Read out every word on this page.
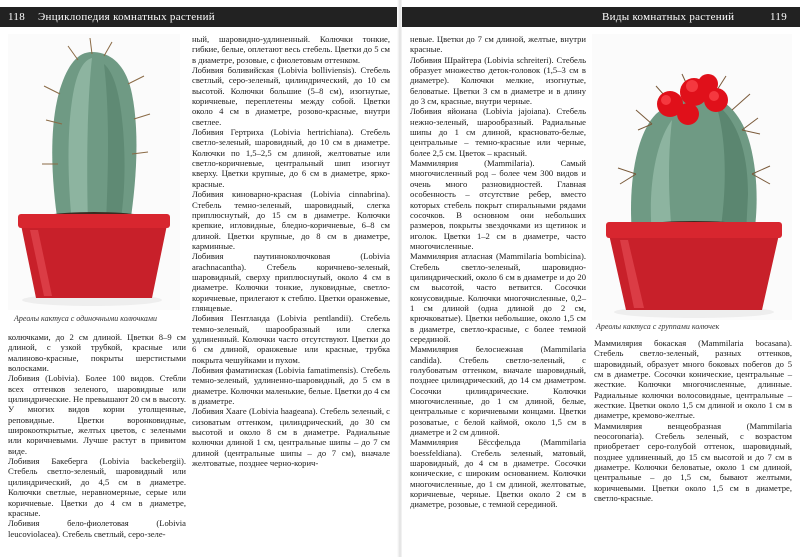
118 Энциклопедия комнатных растений
Ареолы кактуса с одиночными колючками

ный, шаровидно-удлиненный. Колючки тонкие, гибкие, белые, оплетают весь стебель. Цветки до 5 см в диаметре, розовые, с фиолетовым оттенком.

Лобивия боливийская (Lobivia bolliviensis). Стебель светлый, серо-зеленый, цилиндрический, до 10 см высотой. Колючки большие (5–8 см), изогнутые, коричневые, переплетены между собой. Цветки около 4 см в диаметре, розово-красные, внутри светлее.

Лобивия Гертриха (Lobivia hertrichiana). Стебель светло-зеленый, шаровидный, до 10 см в диаметре. Колючки по 1,5–2,5 см длиной, желтоватые или светло-коричневые, центральный шип изогнут кверху. Цветки крупные, до 6 см в диаметре, ярко-красные.

Лобивия киноварно-красная (Lobivia cinnabrina). Стебель темно-зеленый, шаровидный, слегка приплюснутый, до 15 см в диаметре. Колючки крепкие, игловидные, бледно-коричневые, 6–8 см длиной. Цветки крупные, до 8 см в диаметре, карминные.

Лобивия паутинноколючковая (Lobivia arachnacantha). Стебель коричнево-зеленый, шаровидный, сверху приплюснутый, около 4 см в диаметре. Колючки тонкие, луковидные, светло-коричневые, прилегают к стеблю. Цветки оранжевые, глянцевые.

Лобивия Пентланда (Lobivia pentlandii). Стебель темно-зеленый, шарообразный или слегка удлиненный. Колючки часто отсутствуют. Цветки до 6 см длиной, оранжевые или красные, трубка покрыта чешуйками и пухом.

Лобивия фаматинская (Lobivia famatimensis). Стебель темно-зеленый, удлиненно-шаровидный, до 5 см в диаметре. Колючки маленькие, белые. Цветки до 4 см в диаметре.

Лобивия Хааге (Lobivia haageana). Стебель зеленый, с сизоватым оттенком, цилиндрический, до 30 см высотой и около 8 см в диаметре. Радиальные колючки длиной 1 см, центральные шипы – до 7 см длиной (центральные шипы – до 7 см), вначале желтоватые, позднее черно-корич-

колючками, до 2 см длиной. Цветки 8–9 см длиной, с узкой трубкой, красные или малиново-красные, покрыты шерстистыми волосками.

Лобивия (Lobivia). Более 100 видов. Стебли всех оттенков зеленого, шаровидные или цилиндрические. Не превышают 20 см в высоту. У многих видов корни утолщенные, реповидные. Цветки воронковидные, широкооткрытые, желтых цветов, с зелеными или коричневыми. Лучше растут в привитом виде.

Лобивия Бакеберга (Lobivia backebergii). Стебель светло-зеленый, шаровидный или цилиндрический, до 4,5 см в диаметре. Колючки светлые, неравномерные, серые или коричневые. Цветки до 4 см в диаметре, красные.

Лобивия бело-фиолетовая (Lobivia leucoviolacea). Стебель светлый, серо-зеле-

Виды комнатных растений	119

невые. Цветки до 7 см длиной, желтые, внутри красные.

Лобивия Шрайтера (Lobivia schreiteri). Стебель образует множество деток-головок (1,5–3 см в диаметре). Колючки мелкие, изогнутые, беловатые. Цветки 3 см в диаметре и в длину до 3 см, красные, внутри черные.

Лобивия яйоиана (Lobivia jajoiana). Стебель нежно-зеленый, шарообразный. Радиальные шипы до 1 см длиной, красновато-белые, центральные – темно-красные или черные, более 2,5 см. Цветок – красный.

Маммилярия (Mammilaria). Самый многочисленный род – более чем 300 видов и очень много разновидностей. Главная особенность – отсутствие ребер, вместо которых стебель покрыт спиральными рядами сосочков. В основном они небольших размеров, покрыты звездочками из щетинок и иголок. Цветки 1–2 см в диаметре, часто многочисленные.

Маммилярия атласная (Mammilaria bombicina). Стебель светло-зеленый, шаровидно-цилиндрический, около 6 см в диаметре и до 20 см высотой, часто ветвится. Сосочки конусовидные. Колючки многочисленные, 0,2–1 см длиной (одна длиной до 2 см, крючковатые). Цветки небольшие, около 1,5 см в диаметре, светло-красные, с более темной серединой.

Маммилярия белоснежная (Mammilaria candida). Стебель светло-зеленый, с голубоватым оттенком, вначале шаровидный, позднее цилиндрический, до 14 см диаметром. Сосочки цилиндрические. Колючки многочисленные, до 1 см длиной, белые, центральные с коричневыми концами. Цветки розоватые, с белой каймой, около 1,5 см в диаметре и 2 см длиной.

Маммилярия Бёссфельда (Mammilaria boessfeldiana). Стебель зеленый, матовый, шаровидный, до 4 см в диаметре. Сосочки конические, с широким основанием. Колючки многочисленные, до 1 см длиной, желтоватые, коричневые, черные. Цветки около 2 см в диаметре, розовые, с темной серединой.

Ареолы кактуса с группами колючек

Маммилярия бокаская (Mammilaria bocasana). Стебель светло-зеленый, разных оттенков, шаровидный, образует много боковых побегов до 5 см в диаметре. Сосочки конические, центральные – жесткие. Колючки многочисленные, длинные. Радиальные колючки волосовидные, центральные – жесткие. Цветки около 1,5 см длиной и около 1 см в диаметре, кремово-желтые.

Маммилярия венцеобразная (Mammilaria neocoronaria). Стебель зеленый, с возрастом приобретает серо-голубой оттенок, шаровидный, позднее удлиненный, до 15 см высотой и до 7 см в диаметре. Колючки беловатые, около 1 см длиной, центральные – до 1,5 см, бывают желтыми, коричневыми. Цветки около 1,5 см в диаметре, светло-красные.
